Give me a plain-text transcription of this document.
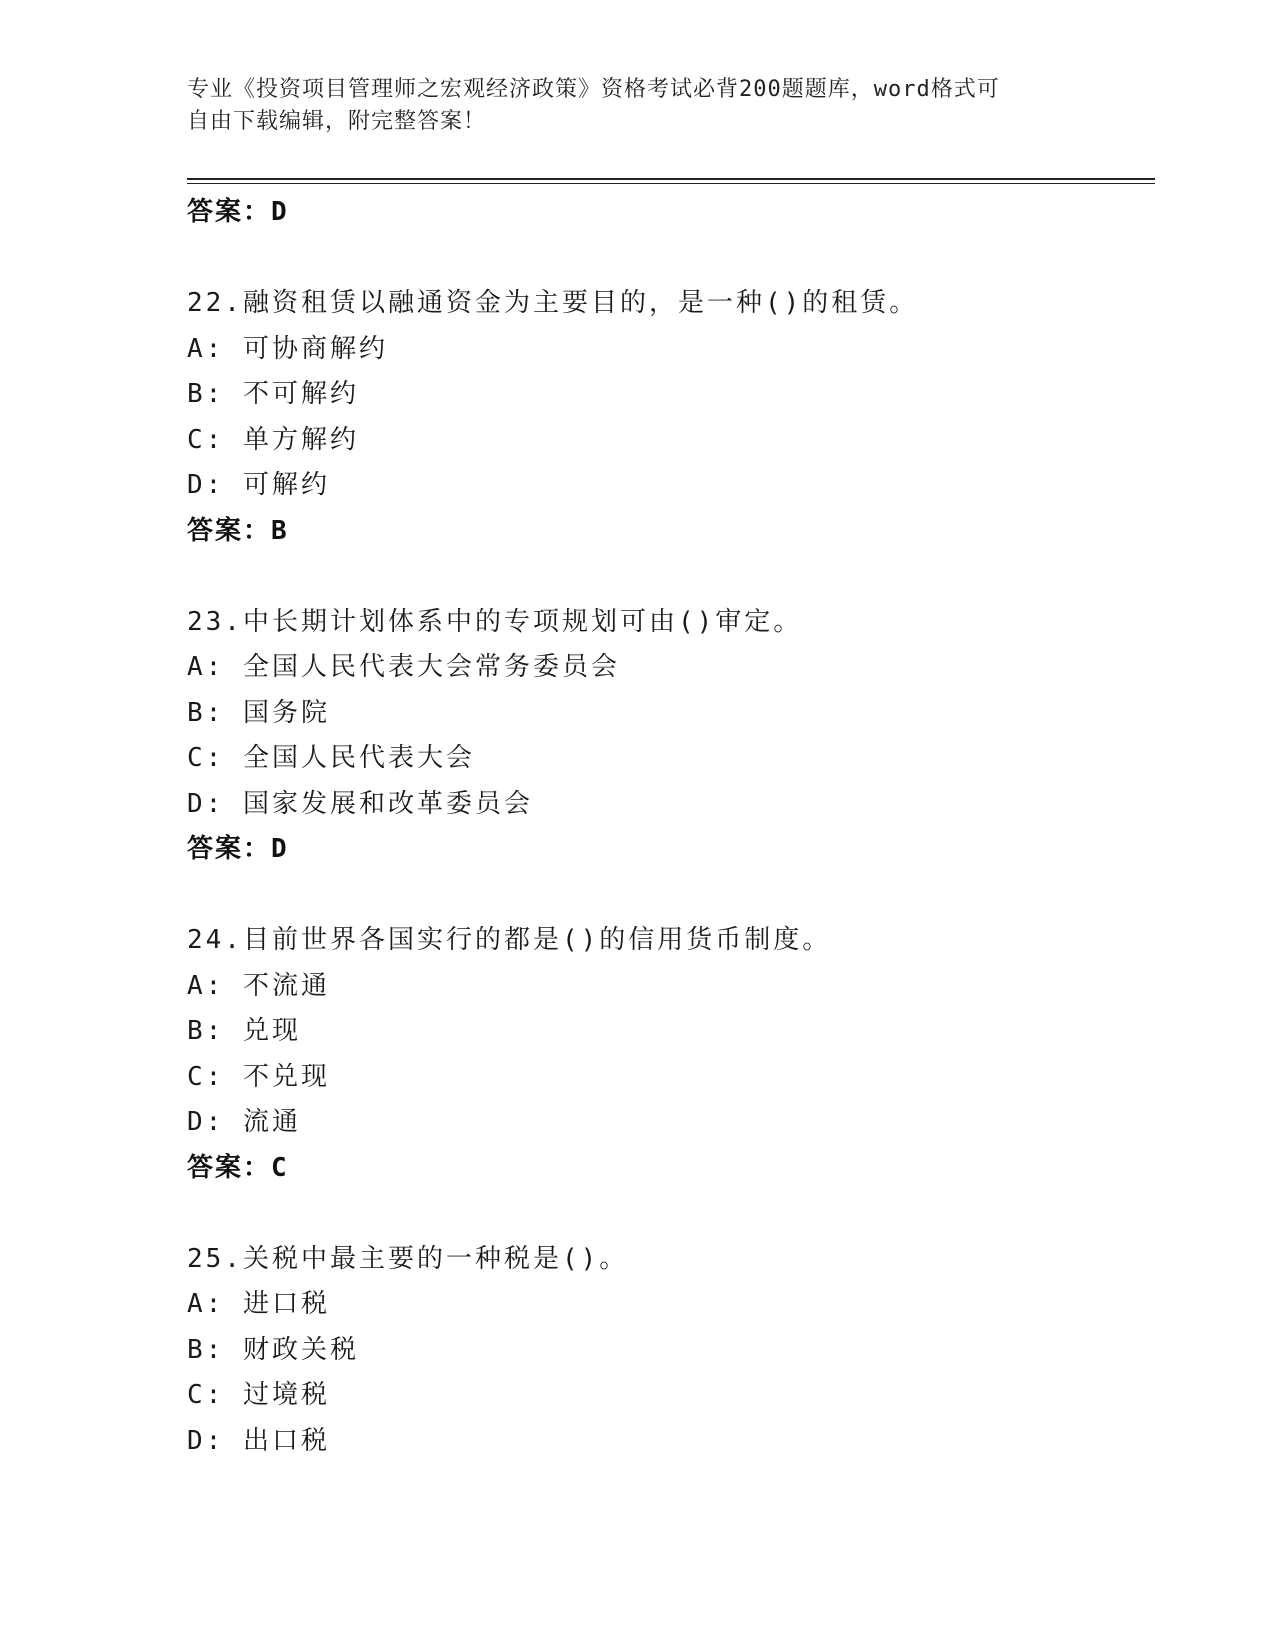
专业《投资项目管理师之宏观经济政策》资格考试必背200题题库，word格式可
自由下载编辑，附完整答案！
答案：D
22.融资租赁以融通资金为主要目的，是一种()的租赁。
A: 可协商解约
B: 不可解约
C: 单方解约
D: 可解约
答案：B
23.中长期计划体系中的专项规划可由()审定。
A: 全国人民代表大会常务委员会
B: 国务院
C: 全国人民代表大会
D: 国家发展和改革委员会
答案：D
24.目前世界各国实行的都是()的信用货币制度。
A: 不流通
B: 兑现
C: 不兑现
D: 流通
答案：C
25.关税中最主要的一种税是()。
A: 进口税
B: 财政关税
C: 过境税
D: 出口税
